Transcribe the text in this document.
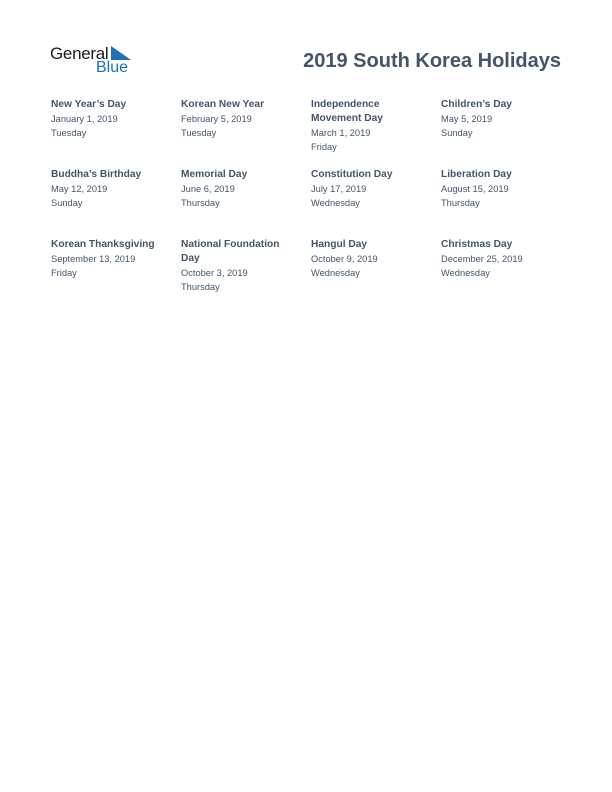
General
Blue	2019 South Korea Holidays
New Year’s Day
January 1, 2019
Tuesday
Korean New Year
February 5, 2019
Tuesday
Independence Movement Day
March 1, 2019
Friday
Children’s Day
May 5, 2019
Sunday
Buddha’s Birthday
May 12, 2019
Sunday
Memorial Day
June 6, 2019
Thursday
Constitution Day
July 17, 2019
Wednesday
Liberation Day
August 15, 2019
Thursday
Korean Thanksgiving
September 13, 2019
Friday
National Foundation Day
October 3, 2019
Thursday
Hangul Day
October 9, 2019
Wednesday
Christmas Day
December 25, 2019
Wednesday
